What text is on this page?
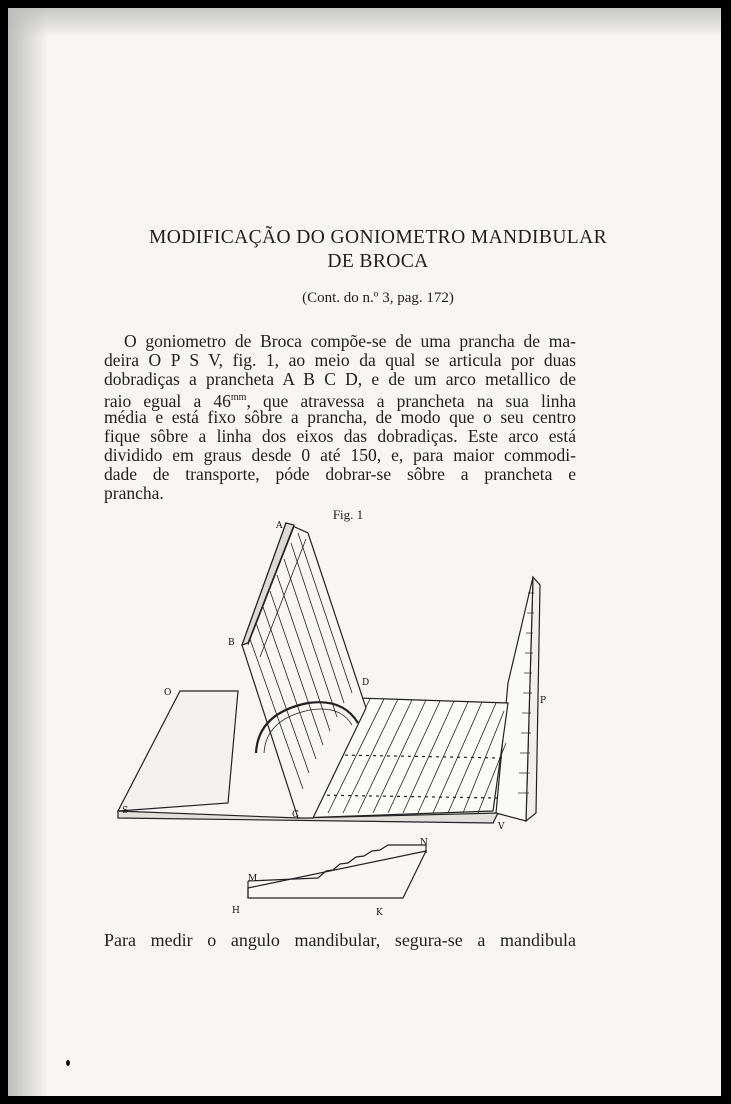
MODIFICAÇÃO DO GONIOMETRO MANDIBULAR
DE BROCA

(Cont. do n.º 3, pag. 172)

O goniometro de Broca compõe-se de uma prancha de ma-

deira O P S V, fig. 1, ao meio da qual se articula por duas

dobradiças a prancheta A B C D, e de um arco metallico de

raio egual a $46^{mm}$, que atravessa a prancheta na sua linha

média e está fixo sôbre a prancha, de modo que o seu centro

fique sôbre a linha dos eixos das dobradiças. Este arco está

dividido em graus desde 0 até 150, e, para maior commodi-

dade de transporte, póde dobrar-se sôbre a prancheta e

prancha.

Fig. 1

A
B
C
D
O
P
S
V
H	K
M
N

Para medir o angulo mandibular, segura-se a mandibula
